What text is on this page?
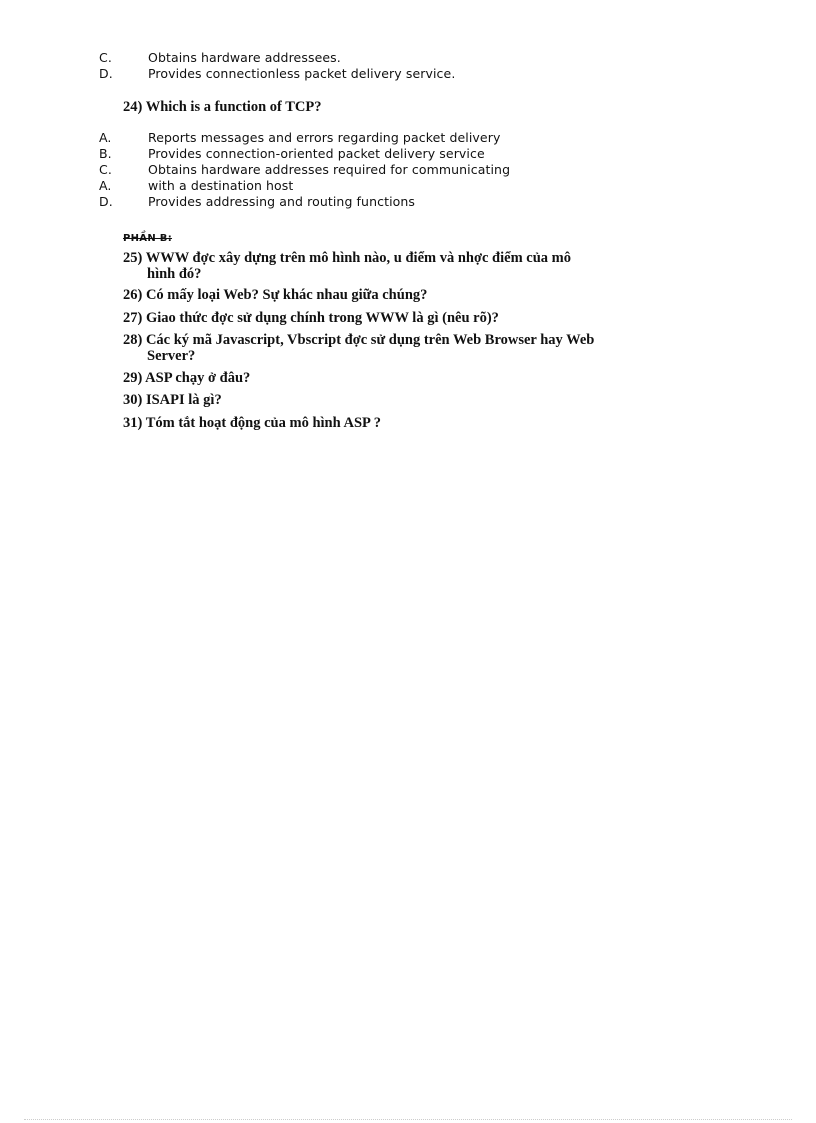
C.	Obtains hardware addressees.
D.	Provides connectionless packet delivery service.
24) Which is a function of TCP?
A.	Reports messages and errors regarding packet delivery
B.	Provides connection-oriented packet delivery service
C.	Obtains hardware addresses required for communicating
A.	with a destination host
D.	Provides addressing and routing functions
PHẦN B:
25) WWW đợc xây dựng trên mô hình nào, u điểm và nhợc điểm của mô
hình đó?
26) Có mấy loại Web? Sự khác nhau giữa chúng?
27) Giao thức đợc sử dụng chính trong WWW là gì (nêu rõ)?
28) Các ký mã Javascript, Vbscript đợc sử dụng trên Web Browser hay Web
Server?
29) ASP chạy ở đâu?
30) ISAPI là gì?
31) Tóm tắt hoạt động của mô hình ASP ?
